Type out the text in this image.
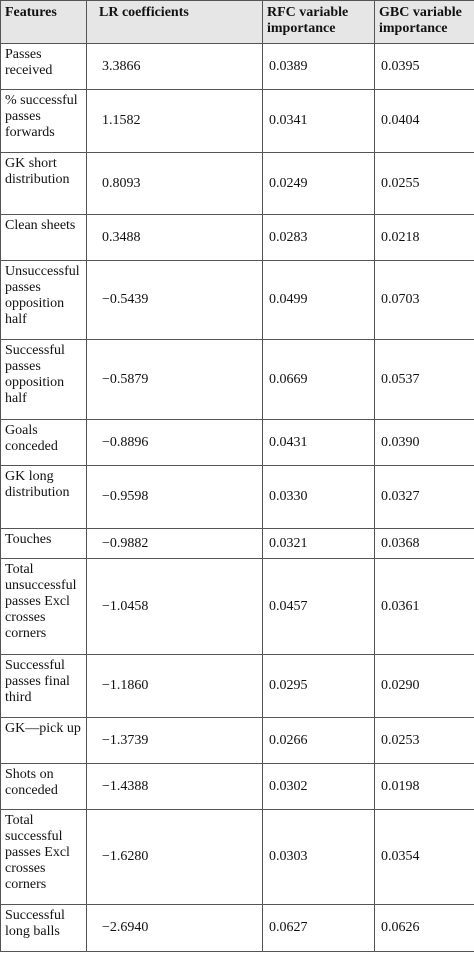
Features	LR coefficients	RFC variable importance	GBC variable importance
Passes received	3.3866	0.0389	0.0395
% successful passes forwards	1.1582	0.0341	0.0404
GK short distribution	0.8093	0.0249	0.0255
Clean sheets	0.3488	0.0283	0.0218
Unsuccessful passes opposition half	−0.5439	0.0499	0.0703
Successful passes opposition half	−0.5879	0.0669	0.0537
Goals conceded	−0.8896	0.0431	0.0390
GK long distribution	−0.9598	0.0330	0.0327
Touches	−0.9882	0.0321	0.0368
Total unsuccessful passes Excl crosses corners	−1.0458	0.0457	0.0361
Successful passes final third	−1.1860	0.0295	0.0290
GK—pick up	−1.3739	0.0266	0.0253
Shots on conceded	−1.4388	0.0302	0.0198
Total successful passes Excl crosses corners	−1.6280	0.0303	0.0354
Successful long balls	−2.6940	0.0627	0.0626
